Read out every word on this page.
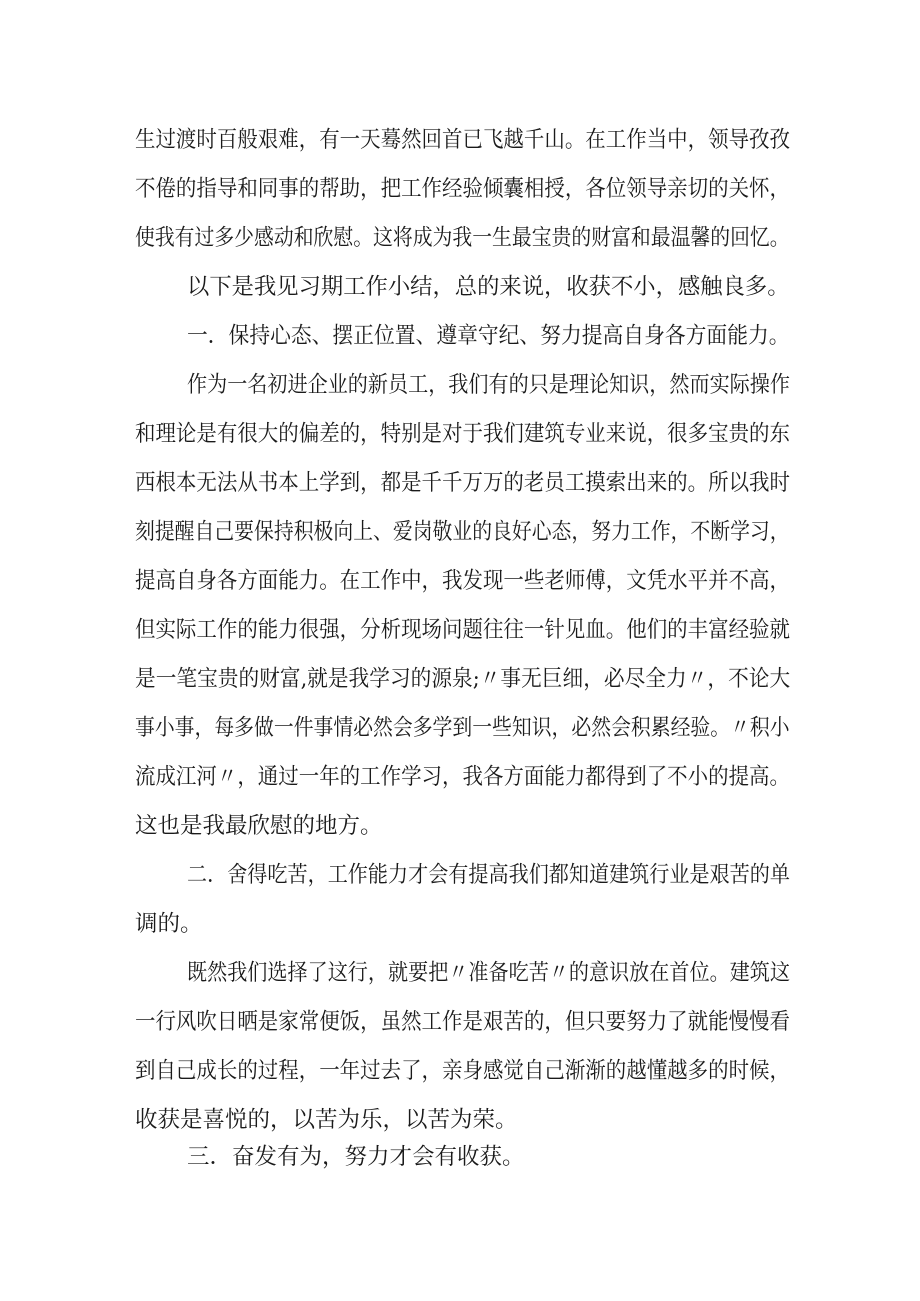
生过渡时百般艰难，有一天蓦然回首已飞越千山。在工作当中，领导孜孜
不倦的指导和同事的帮助，把工作经验倾囊相授，各位领导亲切的关怀，
使我有过多少感动和欣慰。这将成为我一生最宝贵的财富和最温馨的回忆。
以下是我见习期工作小结，总的来说，收获不小，感触良多。
一．保持心态、摆正位置、遵章守纪、努力提高自身各方面能力。
作为一名初进企业的新员工，我们有的只是理论知识，然而实际操作
和理论是有很大的偏差的，特别是对于我们建筑专业来说，很多宝贵的东
西根本无法从书本上学到，都是千千万万的老员工摸索出来的。所以我时
刻提醒自己要保持积极向上、爱岗敬业的良好心态，努力工作，不断学习，
提高自身各方面能力。在工作中，我发现一些老师傅，文凭水平并不高，
但实际工作的能力很强，分析现场问题往往一针见血。他们的丰富经验就
是一笔宝贵的财富,就是我学习的源泉;〃事无巨细，必尽全力〃，不论大
事小事，每多做一件事情必然会多学到一些知识，必然会积累经验。〃积小
流成江河〃，通过一年的工作学习，我各方面能力都得到了不小的提高。
这也是我最欣慰的地方。
二．舍得吃苦，工作能力才会有提高我们都知道建筑行业是艰苦的单
调的。
既然我们选择了这行，就要把〃准备吃苦〃的意识放在首位。建筑这
一行风吹日晒是家常便饭，虽然工作是艰苦的，但只要努力了就能慢慢看
到自己成长的过程，一年过去了，亲身感觉自己渐渐的越懂越多的时候，
收获是喜悦的，以苦为乐，以苦为荣。
三．奋发有为，努力才会有收获。
